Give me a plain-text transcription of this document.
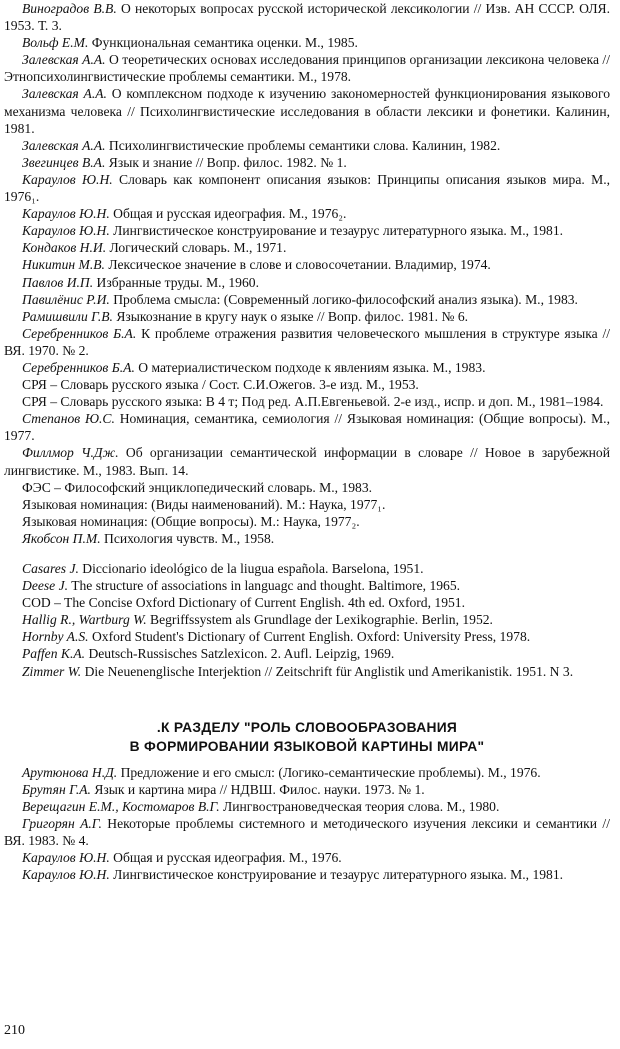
Виноградов В.В. О некоторых вопросах русской исторической лексикологии // Изв. АН СССР. ОЛЯ. 1953. Т. 3.

Вольф Е.М. Функциональная семантика оценки. М., 1985.

Залевская А.А. О теоретических основах исследования принципов организации лексикона человека // Этнопсихолингвистические проблемы семантики. М., 1978.

Залевская А.А. О комплексном подходе к изучению закономерностей функционирования языкового механизма человека // Психолингвистические исследования в области лексики и фонетики. Калинин, 1981.

Залевская А.А. Психолингвистические проблемы семантики слова. Калинин, 1982.

Звегинцев В.А. Язык и знание // Вопр. филос. 1982. № 1.

Караулов Ю.Н. Словарь как компонент описания языков: Принципы описания языков мира. М., 1976₁.

Караулов Ю.Н. Общая и русская идеография. М., 1976₂.

Караулов Ю.Н. Лингвистическое конструирование и тезаурус литературного языка. М., 1981.

Кондаков Н.И. Логический словарь. М., 1971.

Никитин М.В. Лексическое значение в слове и словосочетании. Владимир, 1974.

Павлов И.П. Избранные труды. М., 1960.

Павилёнис Р.И. Проблема смысла: (Современный логико-философский анализ языка). М., 1983.

Рамишвили Г.В. Языкознание в кругу наук о языке // Вопр. филос. 1981. № 6.

Серебренников Б.А. К проблеме отражения развития человеческого мышления в структуре языка // ВЯ. 1970. № 2.

Серебренников Б.А. О материалистическом подходе к явлениям языка. М., 1983.

СРЯ – Словарь русского языка / Сост. С.И.Ожегов. 3-е изд. М., 1953.

СРЯ – Словарь русского языка: В 4 т; Под ред. А.П.Евгеньевой. 2-е изд., испр. и доп. М., 1981–1984.

Степанов Ю.С. Номинация, семантика, семиология // Языковая номинация: (Общие вопросы). М., 1977.

Филлмор Ч.Дж. Об организации семантической информации в словаре // Новое в зарубежной лингвистике. М., 1983. Вып. 14.

ФЭС – Философский энциклопедический словарь. М., 1983.

Языковая номинация: (Виды наименований). М.: Наука, 1977₁.

Языковая номинация: (Общие вопросы). М.: Наука, 1977₂.

Якобсон П.М. Психология чувств. М., 1958.

Casares J. Diccionario ideológico de la liugua española. Barselona, 1951.

Deese J. The structure of associations in languagc and thought. Baltimore, 1965.

COD – The Concise Oxford Dictionary of Current English. 4th ed. Oxford, 1951.

Hallig R., Wartburg W. Begriffssystem als Grundlage der Lexikographie. Berlin, 1952.

Hornby A.S. Oxford Student's Dictionary of Current English. Oxford: University Press, 1978.

Paffen K.A. Deutsch-Russisches Satzlexicon. 2. Aufl. Leipzig, 1969.

Zimmer W. Die Neuenenglische Interjektion // Zeitschrift für Anglistik und Amerikanistik. 1951. N 3.

.К РАЗДЕЛУ "РОЛЬ СЛОВООБРАЗОВАНИЯ
В ФОРМИРОВАНИИ ЯЗЫКОВОЙ КАРТИНЫ МИРА"

Арутюнова Н.Д. Предложение и его смысл: (Логико-семантические проблемы). М., 1976.

Брутян Г.А. Язык и картина мира // НДВШ. Филос. науки. 1973. № 1.

Верещагин Е.М., Костомаров В.Г. Лингвострановедческая теория слова. М., 1980.

Григорян А.Г. Некоторые проблемы системного и методического изучения лексики и семантики // ВЯ. 1983. № 4.

Караулов Ю.Н. Общая и русская идеография. М., 1976.

Караулов Ю.Н. Лингвистическое конструирование и тезаурус литературного языка. М., 1981.

210
